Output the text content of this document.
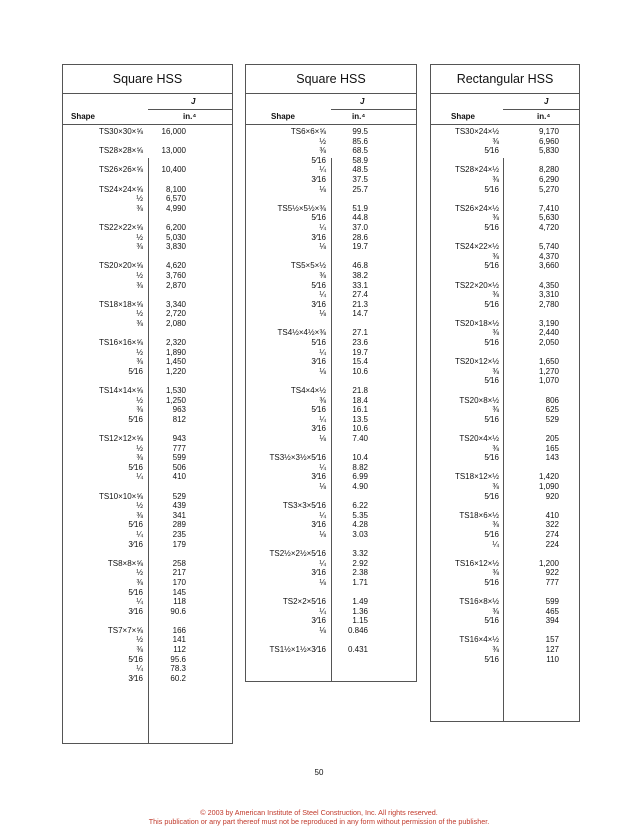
Square HSS
J
Shape	in.⁴
TS30×30×⅝	16,000
TS28×28×⅝	13,000
TS26×26×⅝	10,400
TS24×24×⅝	8,100
½	6,570
⅜	4,990
TS22×22×⅝	6,200
½	5,030
⅜	3,830
TS20×20×⅝	4,620
½	3,760
⅜	2,870
TS18×18×⅝	3,340
½	2,720
⅜	2,080
TS16×16×⅝	2,320
½	1,890
⅜	1,450
5⁄16	1,220
TS14×14×⅝	1,530
½	1,250
⅜	963
5⁄16	812
TS12×12×⅝	943
½	777
⅜	599
5⁄16	506
¼	410
TS10×10×⅝	529
½	439
⅜	341
5⁄16	289
¼	235
3⁄16	179
TS8×8×⅝	258
½	217
⅜	170
5⁄16	145
¼	118
3⁄16	90.6
TS7×7×⅝	166
½	141
⅜	112
5⁄16	95.6
¼	78.3
3⁄16	60.2
Square HSS
J
Shape	in.⁴
TS6×6×⅝	99.5
½	85.6
⅜	68.5
5⁄16	58.9
¼	48.5
3⁄16	37.5
⅛	25.7
TS5½×5½×⅜	51.9
5⁄16	44.8
¼	37.0
3⁄16	28.6
⅛	19.7
TS5×5×½	46.8
⅜	38.2
5⁄16	33.1
¼	27.4
3⁄16	21.3
⅛	14.7
TS4½×4½×⅜	27.1
5⁄16	23.6
¼	19.7
3⁄16	15.4
⅛	10.6
TS4×4×½	21.8
⅜	18.4
5⁄16	16.1
¼	13.5
3⁄16	10.6
⅛	7.40
TS3½×3½×5⁄16	10.4
¼	8.82
3⁄16	6.99
⅛	4.90
TS3×3×5⁄16	6.22
¼	5.35
3⁄16	4.28
⅛	3.03
TS2½×2½×5⁄16	3.32
¼	2.92
3⁄16	2.38
⅛	1.71
TS2×2×5⁄16	1.49
¼	1.36
3⁄16	1.15
⅛	0.846
TS1½×1½×3⁄16	0.431
Rectangular HSS
J
Shape	in.⁴
TS30×24×½	9,170
⅜	6,960
5⁄16	5,830
TS28×24×½	8,280
⅜	6,290
5⁄16	5,270
TS26×24×½	7,410
⅜	5,630
5⁄16	4,720
TS24×22×½	5,740
⅜	4,370
5⁄16	3,660
TS22×20×½	4,350
⅜	3,310
5⁄16	2,780
TS20×18×½	3,190
⅜	2,440
5⁄16	2,050
TS20×12×½	1,650
⅜	1,270
5⁄16	1,070
TS20×8×½	806
⅜	625
5⁄16	529
TS20×4×½	205
⅜	165
5⁄16	143
TS18×12×½	1,420
⅜	1,090
5⁄16	920
TS18×6×½	410
⅜	322
5⁄16	274
¼	224
TS16×12×½	1,200
⅜	922
5⁄16	777
TS16×8×½	599
⅜	465
5⁄16	394
TS16×4×½	157
⅜	127
5⁄16	110
50
© 2003 by American Institute of Steel Construction, Inc. All rights reserved.
This publication or any part thereof must not be reproduced in any form without permission of the publisher.
